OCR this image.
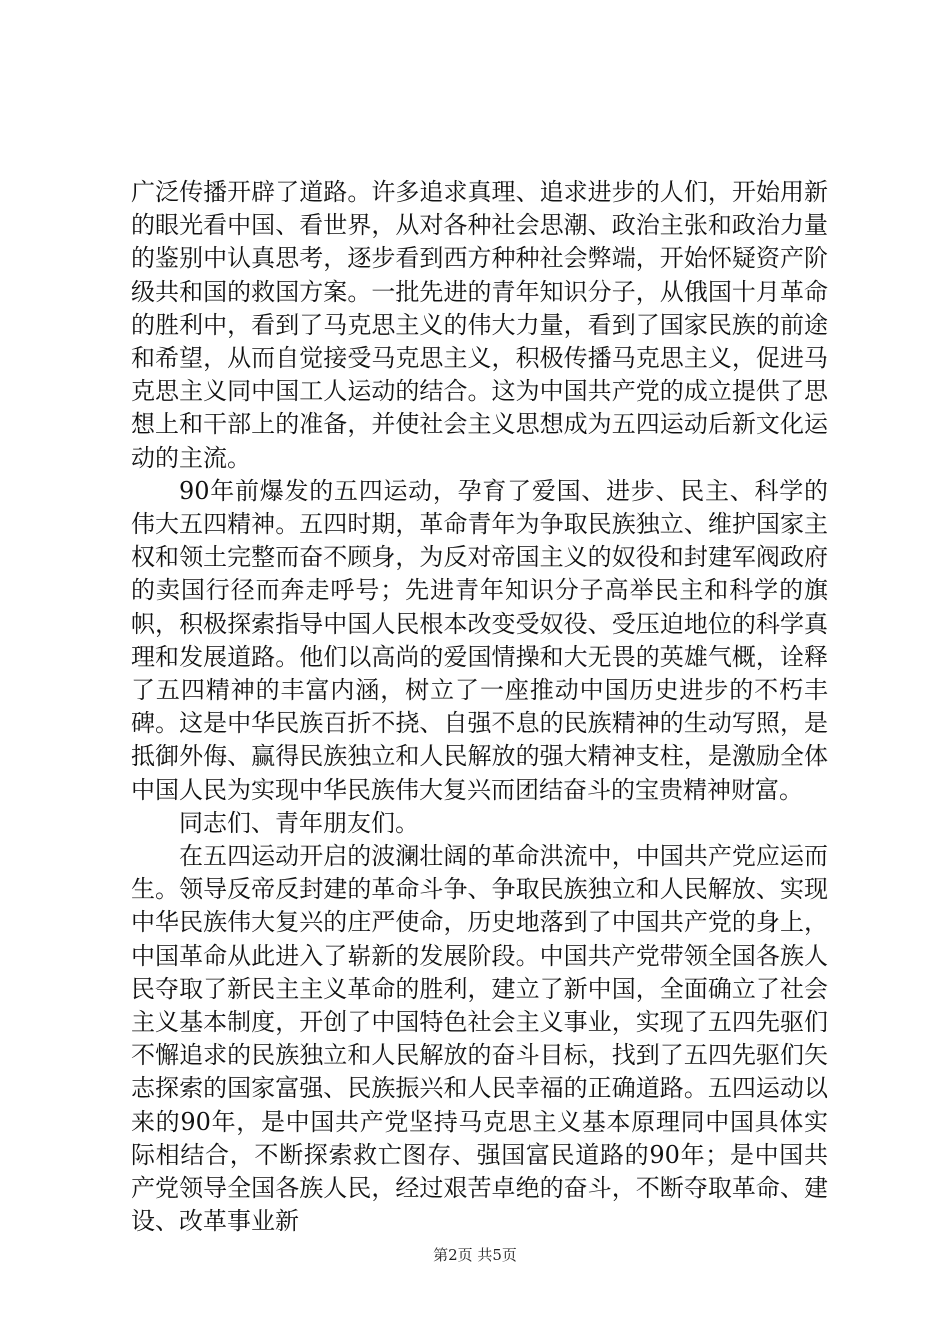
广泛传播开辟了道路。许多追求真理、追求进步的人们，开始用新的眼光看中国、看世界，从对各种社会思潮、政治主张和政治力量的鉴别中认真思考，逐步看到西方种种社会弊端，开始怀疑资产阶级共和国的救国方案。一批先进的青年知识分子，从俄国十月革命的胜利中，看到了马克思主义的伟大力量，看到了国家民族的前途和希望，从而自觉接受马克思主义，积极传播马克思主义，促进马克思主义同中国工人运动的结合。这为中国共产党的成立提供了思想上和干部上的准备，并使社会主义思想成为五四运动后新文化运动的主流。

90年前爆发的五四运动，孕育了爱国、进步、民主、科学的伟大五四精神。五四时期，革命青年为争取民族独立、维护国家主权和领土完整而奋不顾身，为反对帝国主义的奴役和封建军阀政府的卖国行径而奔走呼号；先进青年知识分子高举民主和科学的旗帜，积极探索指导中国人民根本改变受奴役、受压迫地位的科学真理和发展道路。他们以高尚的爱国情操和大无畏的英雄气概，诠释了五四精神的丰富内涵，树立了一座推动中国历史进步的不朽丰碑。这是中华民族百折不挠、自强不息的民族精神的生动写照，是抵御外侮、赢得民族独立和人民解放的强大精神支柱，是激励全体中国人民为实现中华民族伟大复兴而团结奋斗的宝贵精神财富。

同志们、青年朋友们。

在五四运动开启的波澜壮阔的革命洪流中，中国共产党应运而生。领导反帝反封建的革命斗争、争取民族独立和人民解放、实现中华民族伟大复兴的庄严使命，历史地落到了中国共产党的身上，中国革命从此进入了崭新的发展阶段。中国共产党带领全国各族人民夺取了新民主主义革命的胜利，建立了新中国，全面确立了社会主义基本制度，开创了中国特色社会主义事业，实现了五四先驱们不懈追求的民族独立和人民解放的奋斗目标，找到了五四先驱们矢志探索的国家富强、民族振兴和人民幸福的正确道路。五四运动以来的90年，是中国共产党坚持马克思主义基本原理同中国具体实际相结合，不断探索救亡图存、强国富民道路的90年；是中国共产党领导全国各族人民，经过艰苦卓绝的奋斗，不断夺取革命、建设、改革事业新

第2页 共5页
